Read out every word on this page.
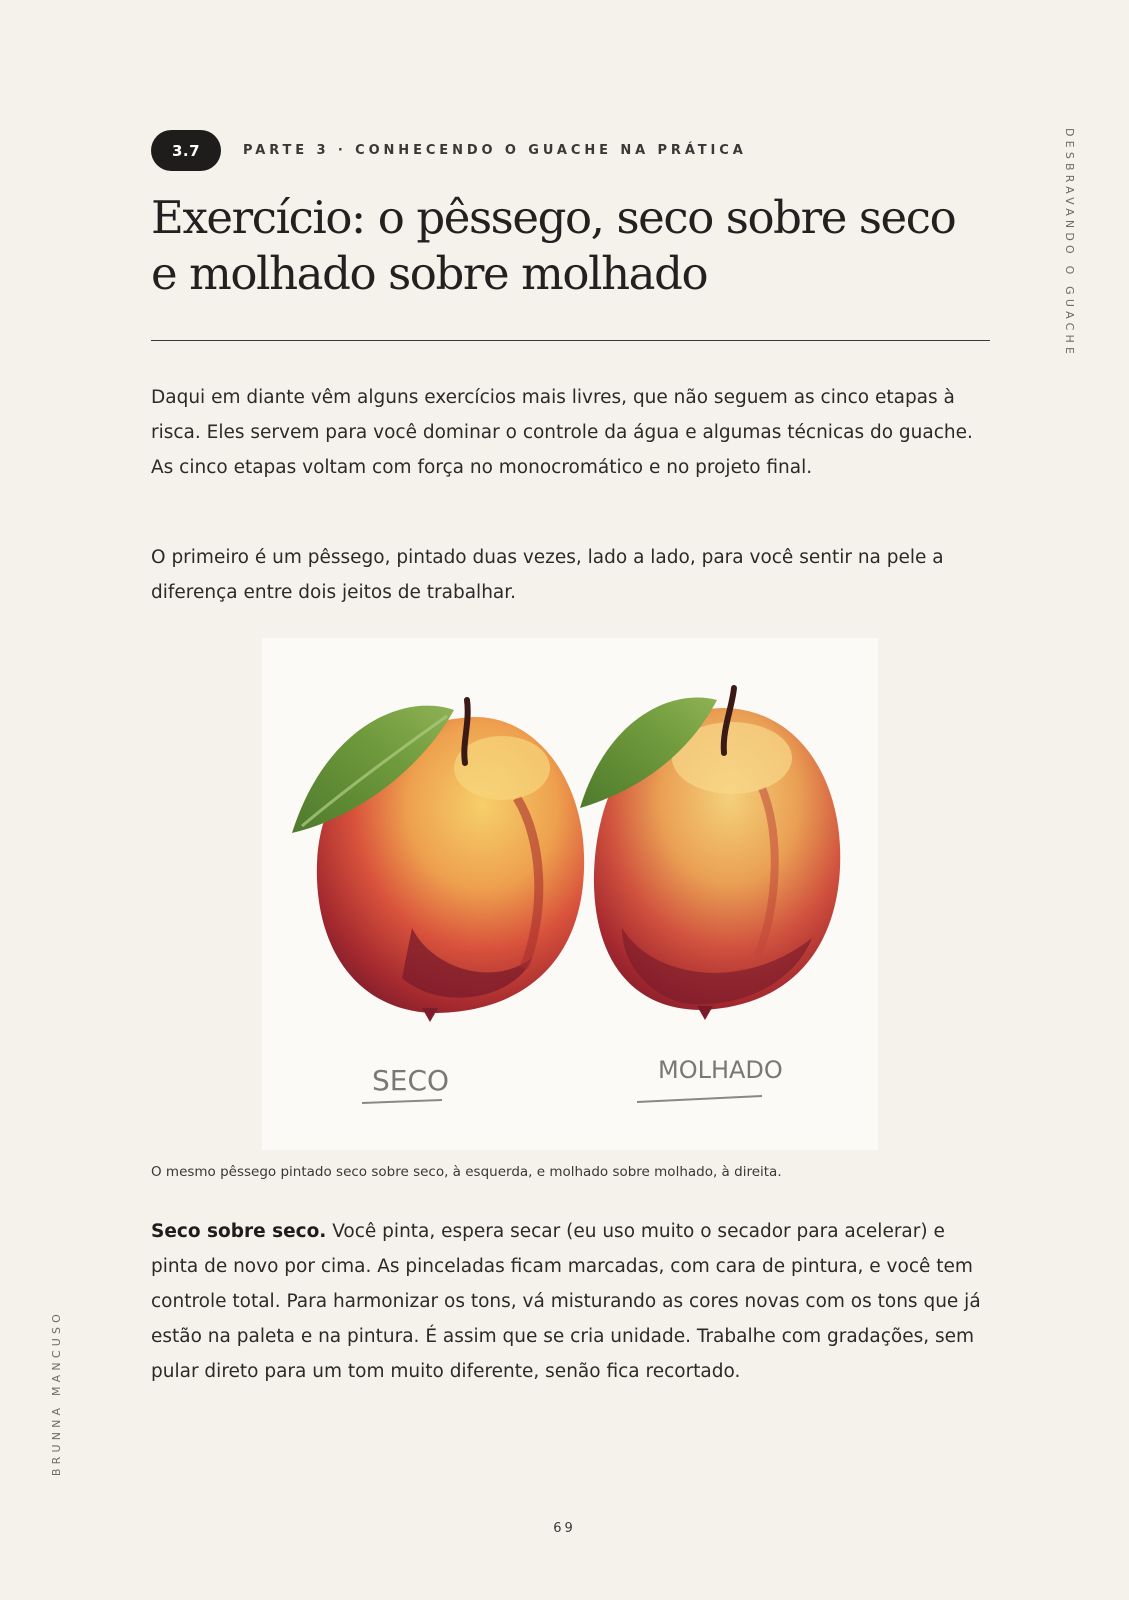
DESBRAVANDO O GUACHE
BRUNNA MANCUSO
3.7	PARTE 3 · CONHECENDO O GUACHE NA PRÁTICA
Exercício: o pêssego, seco sobre seco e molhado sobre molhado

Daqui em diante vêm alguns exercícios mais livres, que não seguem as cinco etapas à risca. Eles servem para você dominar o controle da água e algumas técnicas do guache. As cinco etapas voltam com força no monocromático e no projeto final.

O primeiro é um pêssego, pintado duas vezes, lado a lado, para você sentir na pele a diferença entre dois jeitos de trabalhar.

SECO	MOLHADO
O mesmo pêssego pintado seco sobre seco, à esquerda, e molhado sobre molhado, à direita.

Seco sobre seco. Você pinta, espera secar (eu uso muito o secador para acelerar) e pinta de novo por cima. As pinceladas ficam marcadas, com cara de pintura, e você tem controle total. Para harmonizar os tons, vá misturando as cores novas com os tons que já estão na paleta e na pintura. É assim que se cria unidade. Trabalhe com gradações, sem pular direto para um tom muito diferente, senão fica recortado.

69
